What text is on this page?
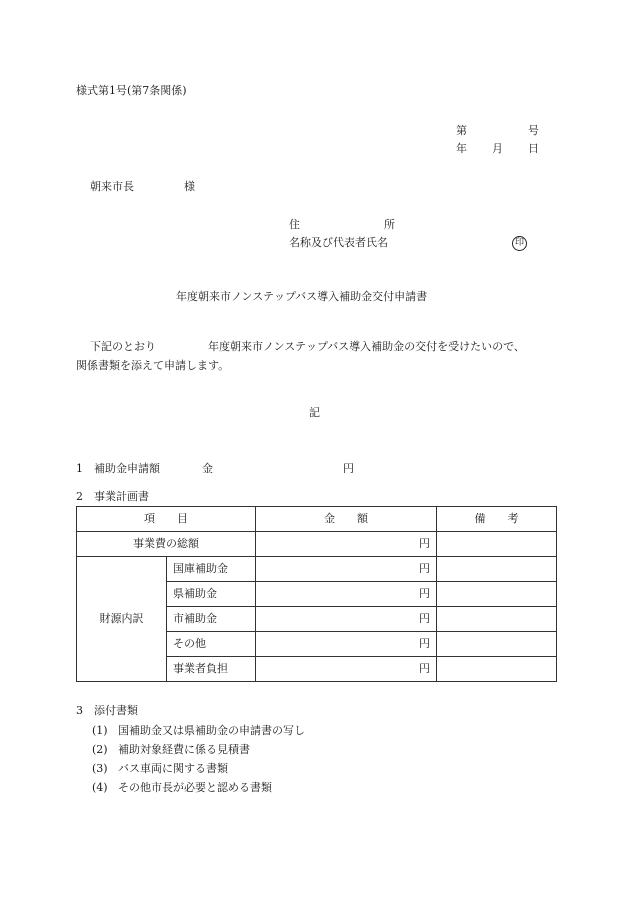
様式第1号(第7条関係)
第	号
年 月 日
朝来市長	様
住	所
名称及び代表者氏名	印
年度朝来市ノンステップバス導入補助金交付申請書
下記のとおり	年度朝来市ノンステップバス導入補助金の交付を受けたいので、
関係書類を添えて申請します。
記
1　補助金申請額	金	円
2　事業計画書
項　　目		金　　額	備　　考
事業費の総額		円	
財源内訳	国庫補助金	円	
	県補助金	円	
	市補助金	円	
	その他	円	
	事業者負担	円	
3　添付書類
(1) 国補助金又は県補助金の申請書の写し
(2) 補助対象経費に係る見積書
(3) バス車両に関する書類
(4) その他市長が必要と認める書類
